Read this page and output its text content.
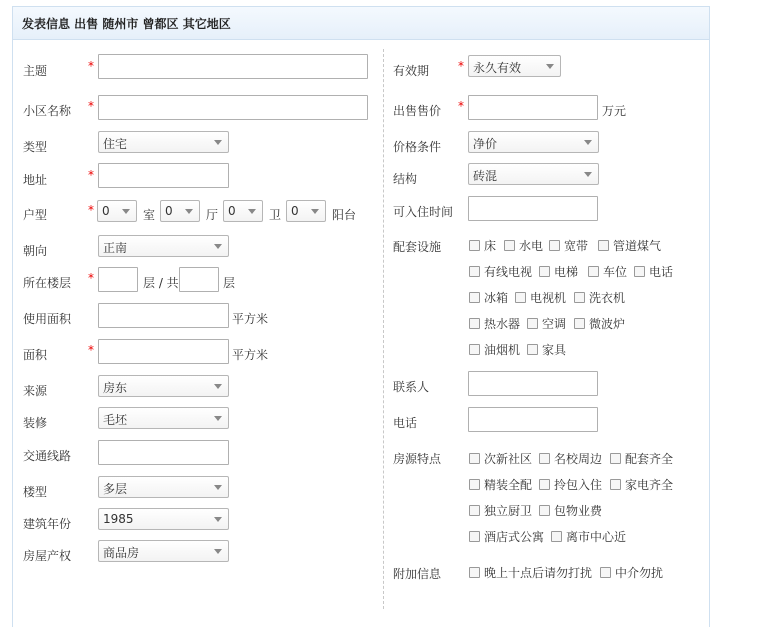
发表信息 出售 随州市 曾都区 其它地区
主题	*
小区名称 *
类型	住宅
地址	*
户型	* 0	室 0	厅 0	卫 0	阳台
朝向	正南
所在楼层 *	层 / 共	层
使用面积	平方米
面积	*	平方米
来源	房东
装修	毛坯
交通线路
楼型	多层
建筑年份	1985
房屋产权	商品房
有效期 * 永久有效
出售售价 *	万元
价格条件	净价
结构	砖混
可入住时间
配套设施	床 水电 宽带 管道煤气
有线电视 电梯 车位 电话
冰箱 电视机 洗衣机
热水器 空调 微波炉
油烟机 家具
联系人
电话
房源特点	次新社区 名校周边 配套齐全
精装全配 拎包入住 家电齐全
独立厨卫 包物业费
酒店式公寓 离市中心近
附加信息	晚上十点后请勿打扰 中介勿扰
